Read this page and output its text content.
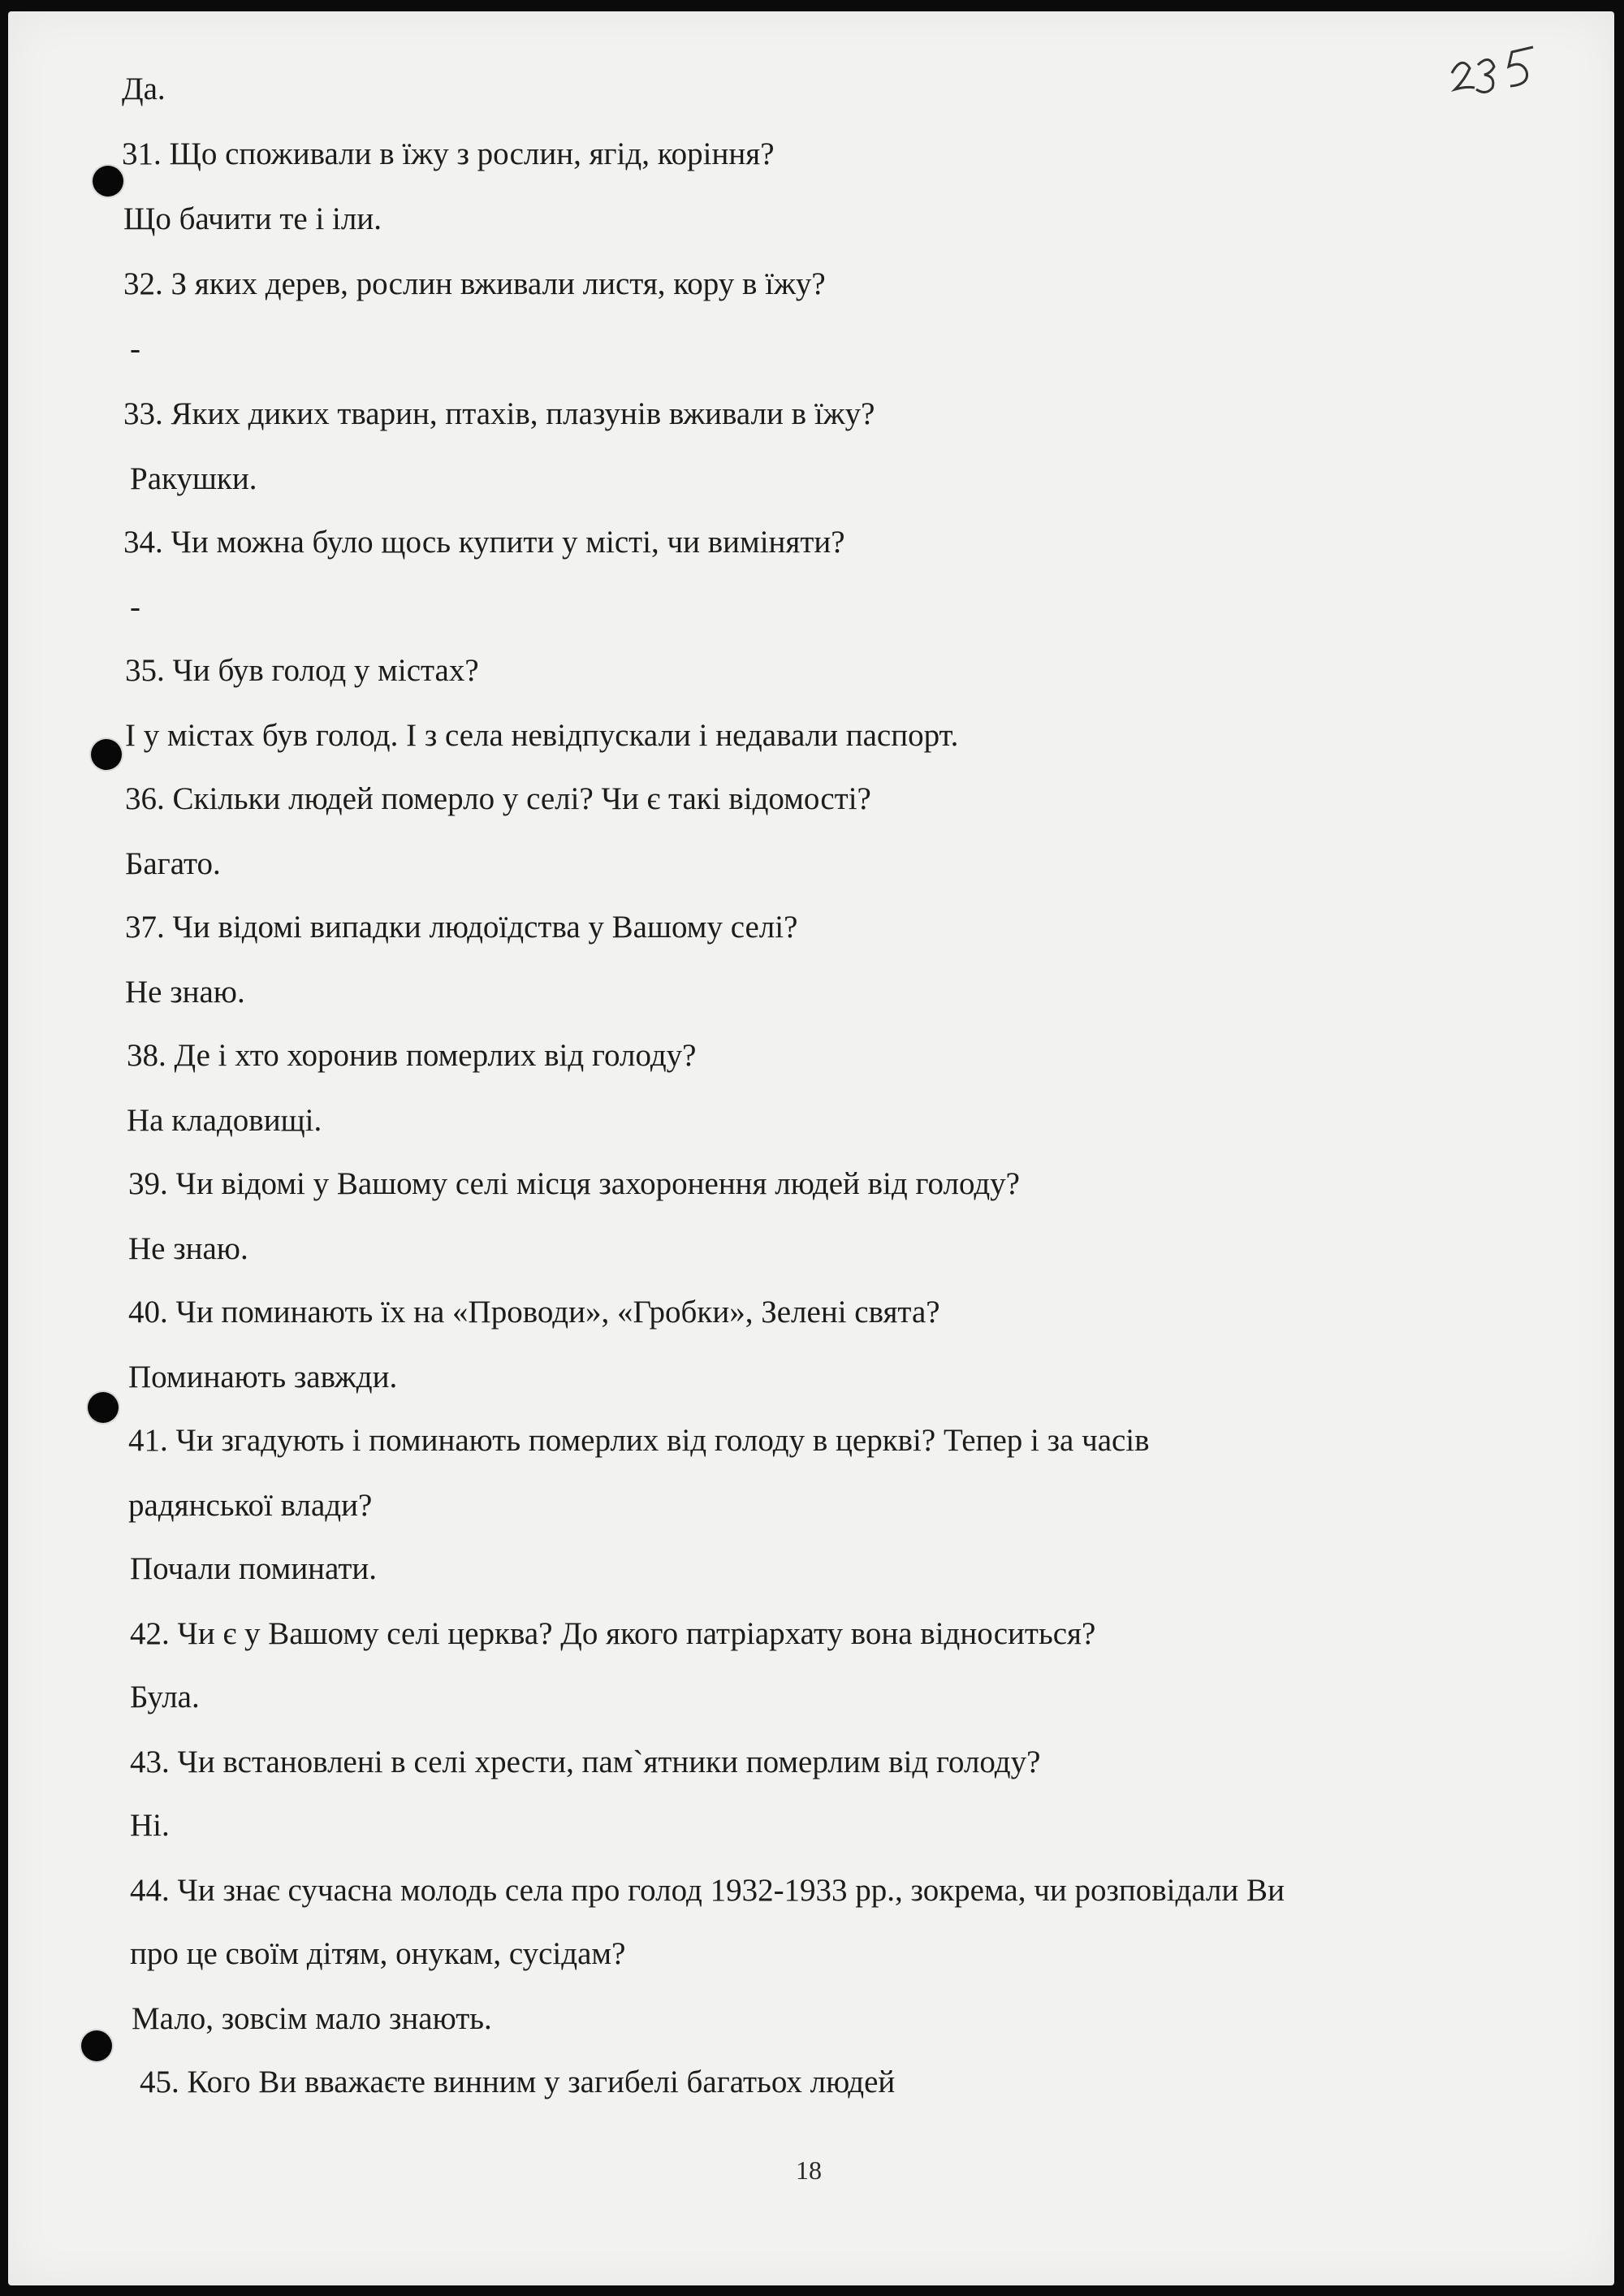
Да.
31. Що споживали в їжу з рослин, ягід, коріння?
Що бачити те і іли.
32. З яких дерев, рослин вживали листя, кору в їжу?
-
33. Яких диких тварин, птахів, плазунів вживали в їжу?
Ракушки.
34. Чи можна було щось купити у місті, чи виміняти?
-
35. Чи був голод у містах?
І у містах був голод. І з села невідпускали і недавали паспорт.
36. Скільки людей померло у селі? Чи є такі відомості?
Багато.
37. Чи відомі випадки людоїдства у Вашому селі?
Не знаю.
38. Де і хто хоронив померлих від голоду?
На кладовищі.
39. Чи відомі у Вашому селі місця захоронення людей від голоду?
Не знаю.
40. Чи поминають їх на «Проводи», «Гробки», Зелені свята?
Поминають завжди.
41. Чи згадують і поминають померлих від голоду в церкві? Тепер і за часів
радянської влади?
Почали поминати.
42. Чи є у Вашому селі церква? До якого патріархату вона відноситься?
Була.
43. Чи встановлені в селі хрести, пам`ятники померлим від голоду?
Ні.
44. Чи знає сучасна молодь села про голод 1932-1933 рр., зокрема, чи розповідали Ви
про це своїм дітям, онукам, сусідам?
Мало, зовсім мало знають.
45. Кого Ви вважаєте винним у загибелі багатьох людей
18
